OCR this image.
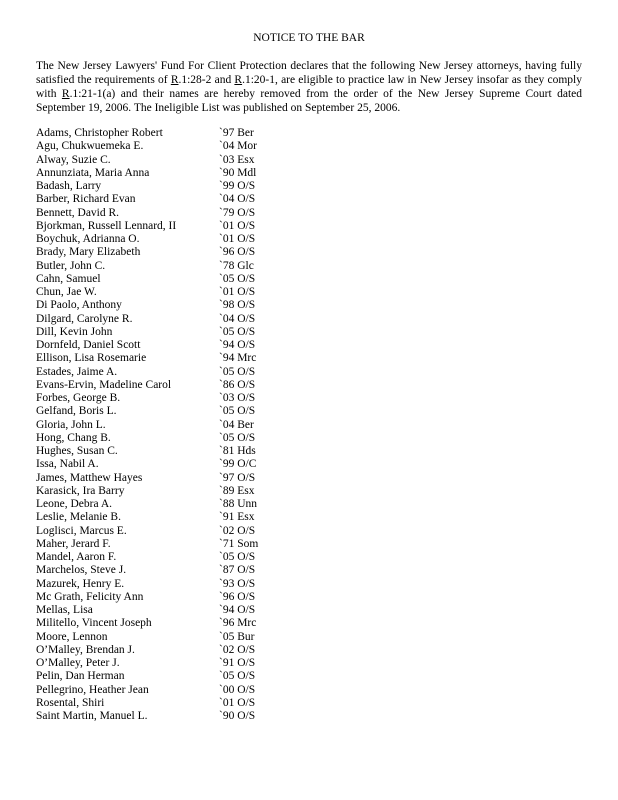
NOTICE TO THE BAR

The New Jersey Lawyers' Fund For Client Protection declares that the following New Jersey attorneys, having fully satisfied the requirements of R.1:28-2 and R.1:20-1, are eligible to practice law in New Jersey insofar as they comply with R.1:21-1(a) and their names are hereby removed from the order of the New Jersey Supreme Court dated September 19, 2006. The Ineligible List was published on September 25, 2006.

Adams, Christopher Robert	`97 Ber
Agu, Chukwuemeka E.	`04 Mor
Alway, Suzie C.	`03 Esx
Annunziata, Maria Anna	`90 Mdl
Badash, Larry	`99 O/S
Barber, Richard Evan	`04 O/S
Bennett, David R.	`79 O/S
Bjorkman, Russell Lennard, II	`01 O/S
Boychuk, Adrianna O.	`01 O/S
Brady, Mary Elizabeth	`96 O/S
Butler, John C.	`78 Glc
Cahn, Samuel	`05 O/S
Chun, Jae W.	`01 O/S
Di Paolo, Anthony	`98 O/S
Dilgard, Carolyne R.	`04 O/S
Dill, Kevin John	`05 O/S
Dornfeld, Daniel Scott	`94 O/S
Ellison, Lisa Rosemarie	`94 Mrc
Estades, Jaime A.	`05 O/S
Evans-Ervin, Madeline Carol	`86 O/S
Forbes, George B.	`03 O/S
Gelfand, Boris L.	`05 O/S
Gloria, John L.	`04 Ber
Hong, Chang B.	`05 O/S
Hughes, Susan C.	`81 Hds
Issa, Nabil A.	`99 O/C
James, Matthew Hayes	`97 O/S
Karasick, Ira Barry	`89 Esx
Leone, Debra A.	`88 Unn
Leslie, Melanie B.	`91 Esx
Loglisci, Marcus E.	`02 O/S
Maher, Jerard F.	`71 Som
Mandel, Aaron F.	`05 O/S
Marchelos, Steve J.	`87 O/S
Mazurek, Henry E.	`93 O/S
Mc Grath, Felicity Ann	`96 O/S
Mellas, Lisa	`94 O/S
Militello, Vincent Joseph	`96 Mrc
Moore, Lennon	`05 Bur
O’Malley, Brendan J.	`02 O/S
O’Malley, Peter J.	`91 O/S
Pelin, Dan Herman	`05 O/S
Pellegrino, Heather Jean	`00 O/S
Rosental, Shiri	`01 O/S
Saint Martin, Manuel L.	`90 O/S
